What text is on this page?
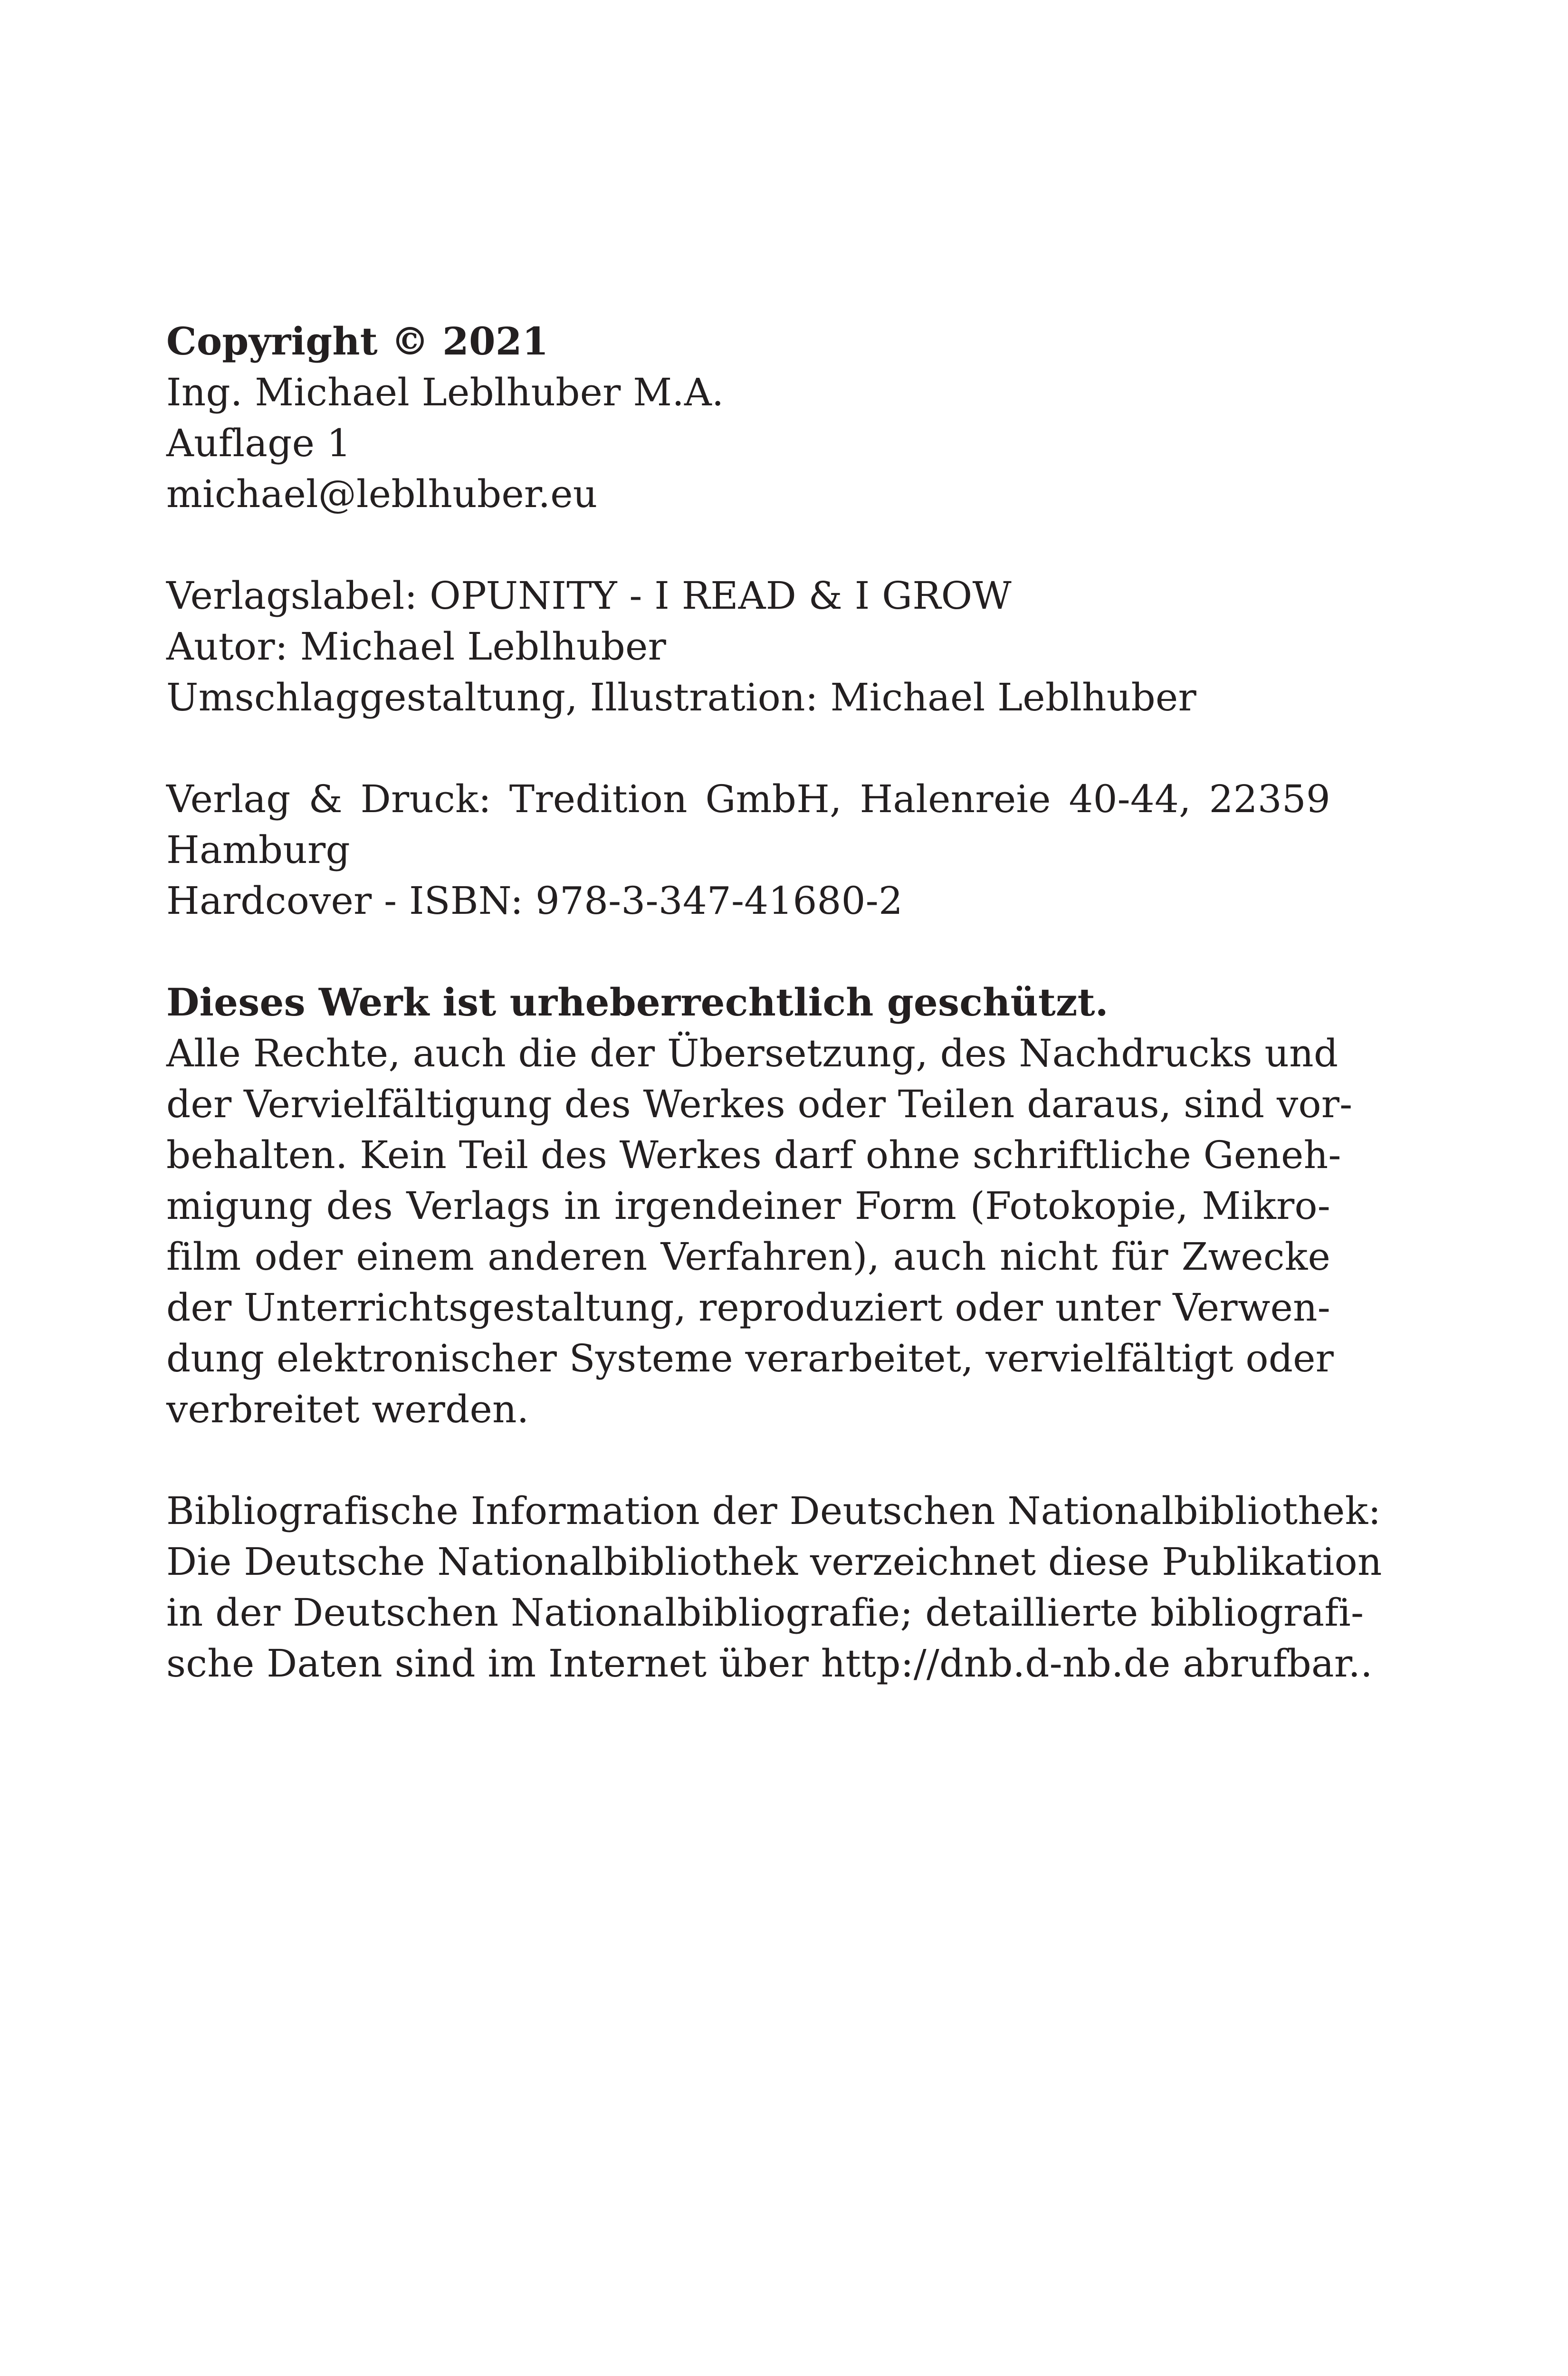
Copyright © 2021
Ing. Michael Leblhuber M.A.
Auflage 1
michael@leblhuber.eu
Verlagslabel: OPUNITY - I READ & I GROW
Autor: Michael Leblhuber
Umschlaggestaltung, Illustration: Michael Leblhuber
Verlag & Druck: Tredition GmbH, Halenreie 40-44, 22359
Hamburg
Hardcover - ISBN: 978-3-347-41680-2
Dieses Werk ist urheberrechtlich geschützt.
Alle Rechte, auch die der Übersetzung, des Nachdrucks und
der Vervielfältigung des Werkes oder Teilen daraus, sind vor-
behalten. Kein Teil des Werkes darf ohne schriftliche Geneh-
migung des Verlags in irgendeiner Form (Fotokopie, Mikro-
film oder einem anderen Verfahren), auch nicht für Zwecke
der Unterrichtsgestaltung, reproduziert oder unter Verwen-
dung elektronischer Systeme verarbeitet, vervielfältigt oder
verbreitet werden.
Bibliografische Information der Deutschen Nationalbibliothek:
Die Deutsche Nationalbibliothek verzeichnet diese Publikation
in der Deutschen Nationalbibliografie; detaillierte bibliografi-
sche Daten sind im Internet über http://dnb.d-nb.de abrufbar..
